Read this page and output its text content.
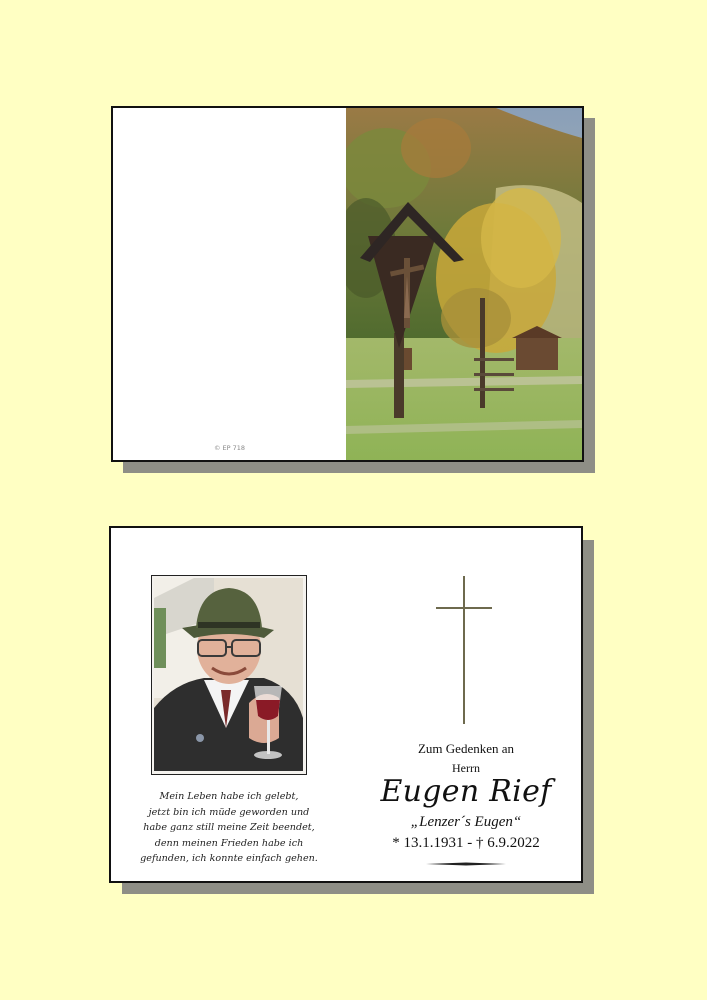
© EP 718
Mein Leben habe ich gelebt,
jetzt bin ich müde geworden und
habe ganz still meine Zeit beendet,
denn meinen Frieden habe ich
gefunden, ich konnte einfach gehen.
Zum Gedenken an
Herrn
Eugen Rief
„Lenzer´s Eugen“
* 13.1.1931 - † 6.9.2022
